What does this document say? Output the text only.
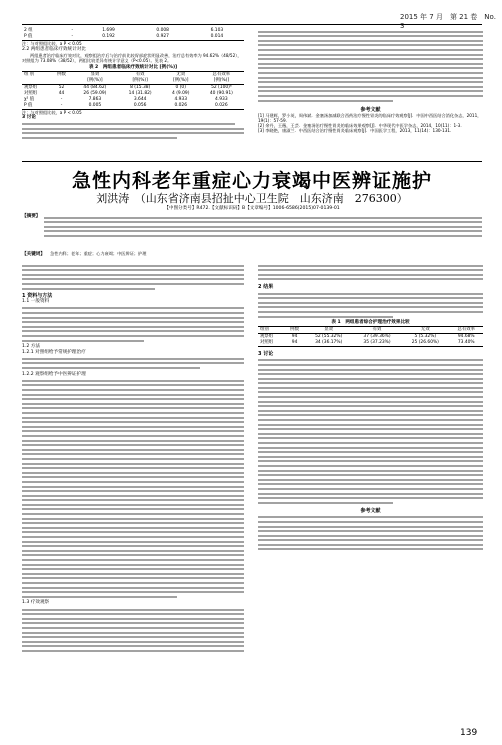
2015 年 7 月　第 21 卷　No. 3
2 组	-	1.699	0.008	6.103
P 值	-	0.192	0.927	0.014
注：与对照组比较，a P < 0.05
2.2 两组患者临床疗效统计对比
两组患者治疗临床疗效对比，观察组治疗后与治疗前比较胃部症状明显改善，治疗总有效率为 94.62%（48/52），对照组为 73.08%（38/52），两组比较差异有统计学意义（P<0.05）。见表 2。
表 2　两组患者临床疗效统计对比 [例(%)]
组 别	例数	显效	有效	无效	总有效率
		[例(%)]	[例(%)]	[例(%)]	[例(%)]
观察组	52	44 (84.62)	8 (15.38)	0 (0)	52 (100)ᵃ
对照组	44	26 (59.09)	14 (31.82)	4 (9.09)	40 (90.91)
χ² 值	-	7.863	3.644	4.933	4.933
P 值	-	0.005	0.056	0.026	0.026
注：与对照组比较，a P < 0.05
3 讨论
参考文献
[1] 马建辉，罗小英，周伟斌．金塞汤加减联合西药治疗慢性胃炎的临床疗效观察[J]．中国中西医结合消化杂志，2011，19(1)：57-59.
[2] 余丹，王薇，王芸．金塞汤治疗慢性胃炎的临床效果观察[J]．中华现代中医学杂志，2014，10(11)：1-3.
[3] 李晓艳，康淑兰．中西医结合治疗慢性胃炎临床观察[J]．中国医学工程，2013，11(14)：130-131.
急性内科老年重症心力衰竭中医辨证施护
刘洪涛　（山东省济南县招扯中心卫生院　山东济南　276300）
【中图分类号】R472.【文献标识码】B【文章编号】1006-6586(2015)07-0139-01
【摘要】
【关键词】 急性内科；老年；重症；心力衰竭；中医辨证；护理
1 资料与方法
1.1 一般资料
1.2 方法
1.2.1 对照组给予常规护理治疗
1.2.2 观察组给予中医辨证护理
1.3 疗效观察
2 结果
表 1　两组患者综合护理治疗效果比较
组别	例数	显效	有效	无效	总有效率
观察组	94	52 (55.32%)	37 (39.36%)	5 (5.32%)	94.68%
对照组	94	34 (36.17%)	35 (37.23%)	25 (26.60%)	73.40%
3 讨论
参考文献
139
